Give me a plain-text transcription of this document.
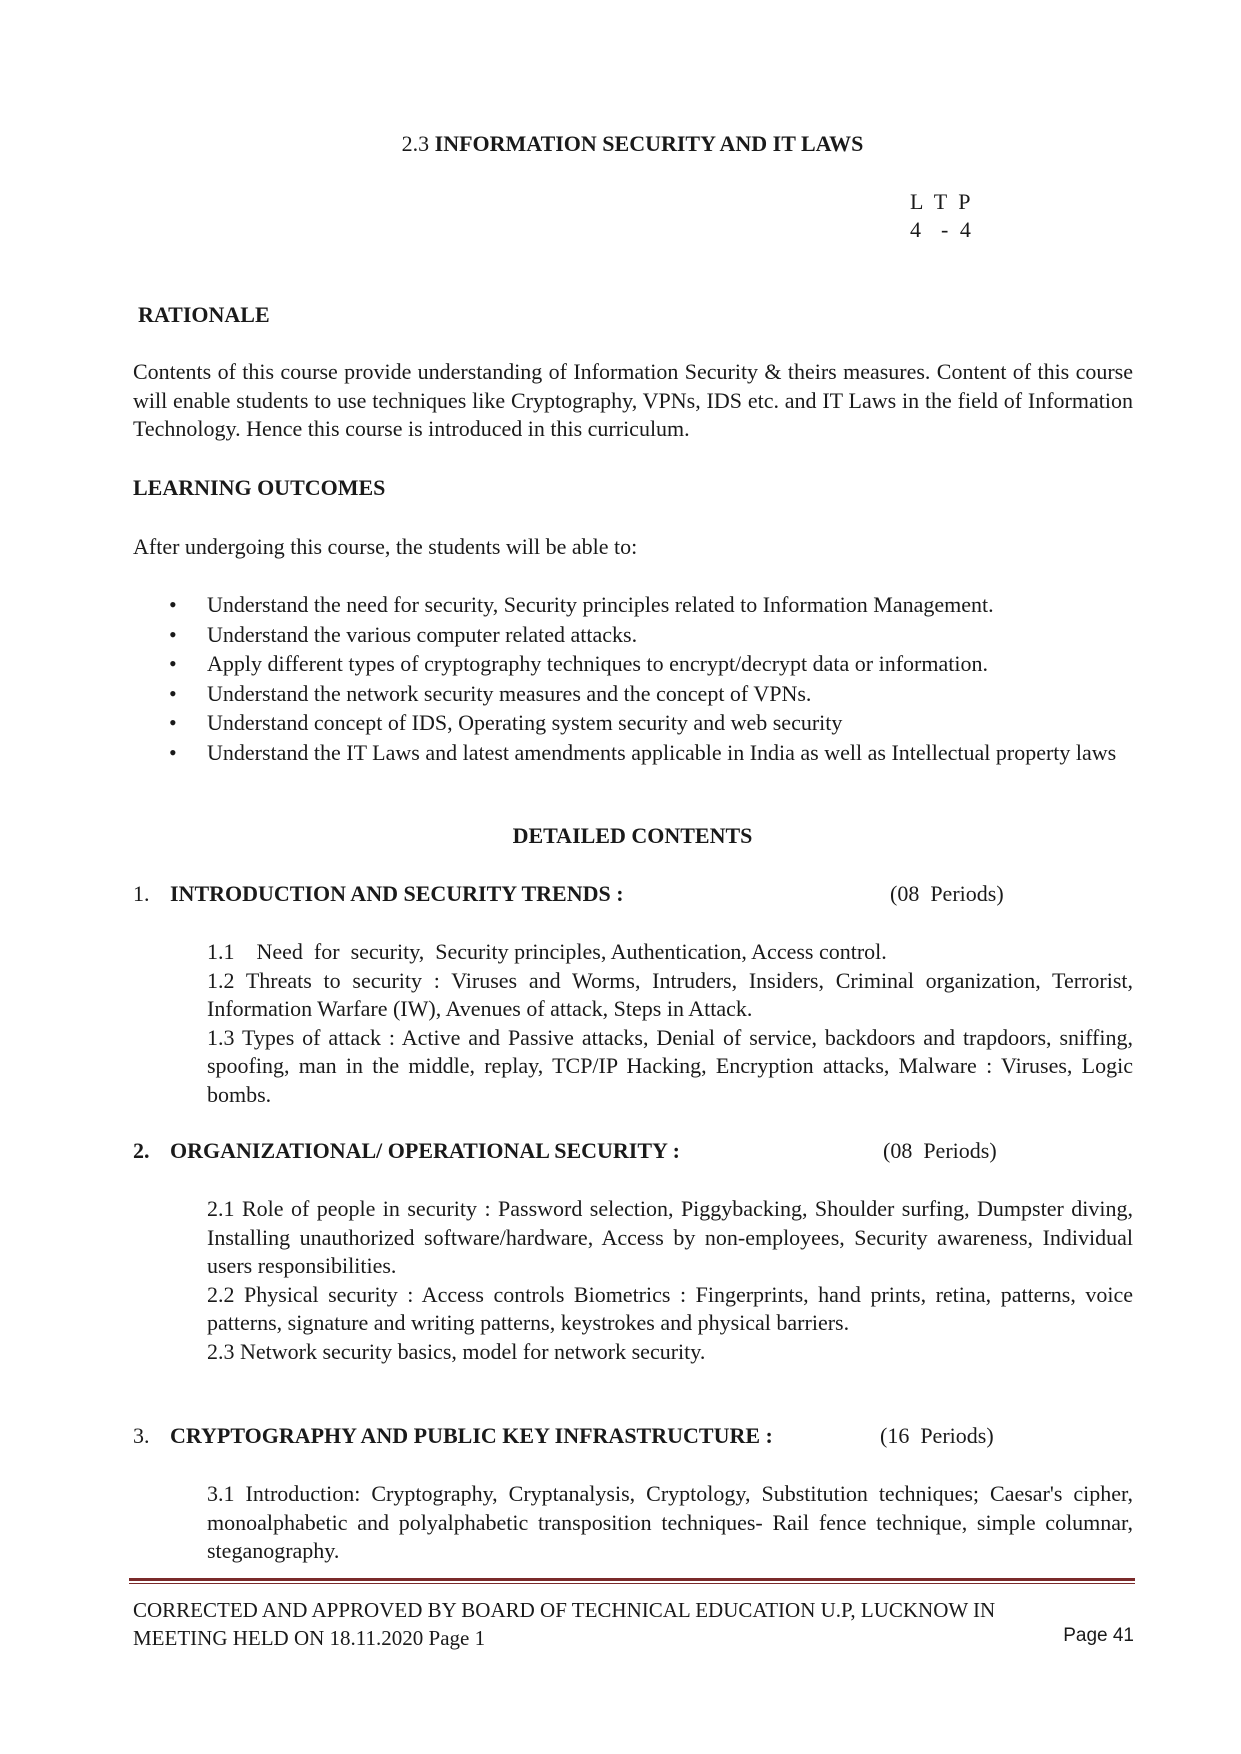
2.3 INFORMATION SECURITY AND IT LAWS
L T P
4  - 4
RATIONALE
Contents of this course provide understanding of Information Security & theirs measures. Content of this course will enable students to use techniques like Cryptography, VPNs, IDS etc. and IT Laws in the field of Information Technology. Hence this course is introduced in this curriculum.
LEARNING OUTCOMES
After undergoing this course, the students will be able to:
• Understand the need for security, Security principles related to Information Management.
• Understand the various computer related attacks.
• Apply different types of cryptography techniques to encrypt/decrypt data or information.
• Understand the network security measures and the concept of VPNs.
• Understand concept of IDS, Operating system security and web security
• Understand the IT Laws and latest amendments applicable in India as well as Intellectual property laws
DETAILED CONTENTS
1. INTRODUCTION AND SECURITY TRENDS :	(08  Periods)

1.1    Need  for  security,  Security principles, Authentication, Access control.

1.2 Threats to security : Viruses and Worms, Intruders, Insiders, Criminal organization, Terrorist, Information Warfare (IW), Avenues of attack, Steps in Attack.

1.3 Types of attack : Active and Passive attacks, Denial of service, backdoors and trapdoors, sniffing, spoofing, man in the middle, replay, TCP/IP Hacking, Encryption attacks, Malware : Viruses, Logic bombs.

2. ORGANIZATIONAL/ OPERATIONAL SECURITY :	(08  Periods)

2.1 Role of people in security : Password selection, Piggybacking, Shoulder surfing, Dumpster diving, Installing unauthorized software/hardware, Access by non-employees, Security awareness, Individual users responsibilities.

2.2 Physical security : Access controls Biometrics : Fingerprints, hand prints, retina, patterns, voice patterns, signature and writing patterns, keystrokes and physical barriers.

2.3 Network security basics, model for network security.

3. CRYPTOGRAPHY AND PUBLIC KEY INFRASTRUCTURE :	(16  Periods)

3.1 Introduction: Cryptography, Cryptanalysis, Cryptology, Substitution techniques; Caesar's cipher, monoalphabetic and polyalphabetic transposition techniques- Rail fence technique, simple columnar, steganography.

CORRECTED AND APPROVED BY BOARD OF TECHNICAL EDUCATION U.P, LUCKNOW IN
MEETING HELD ON 18.11.2020 Page 1	Page 41
